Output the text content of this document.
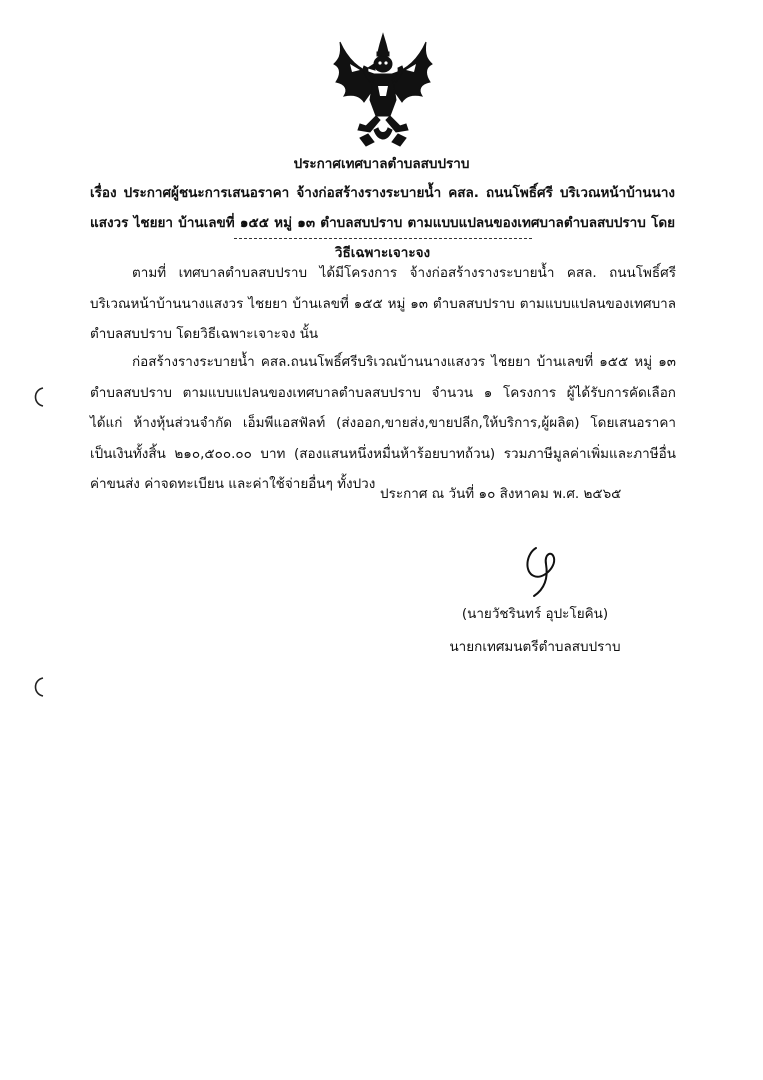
ประกาศเทศบาลตำบลสบปราบ
เรื่อง ประกาศผู้ชนะการเสนอราคา จ้างก่อสร้างรางระบายน้ำ คสล. ถนนโพธิ์ศรี บริเวณหน้าบ้านนางแสงวร ไชยยา บ้านเลขที่ ๑๕๕ หมู่ ๑๓ ตำบลสบปราบ ตามแบบแปลนของเทศบาลตำบลสบปราบ โดยวิธีเฉพาะเจาะจง
ตามที่ เทศบาลตำบลสบปราบ ได้มีโครงการ จ้างก่อสร้างรางระบายน้ำ คสล. ถนนโพธิ์ศรี บริเวณหน้าบ้านนางแสงวร ไชยยา บ้านเลขที่ ๑๕๕ หมู่ ๑๓ ตำบลสบปราบ ตามแบบแปลนของเทศบาลตำบลสบปราบ โดยวิธีเฉพาะเจาะจง นั้น
ก่อสร้างรางระบายน้ำ คสล.ถนนโพธิ์ศรีบริเวณบ้านนางแสงวร ไชยยา บ้านเลขที่ ๑๕๕ หมู่ ๑๓ ตำบลสบปราบ ตามแบบแปลนของเทศบาลตำบลสบปราบ จำนวน ๑ โครงการ ผู้ได้รับการคัดเลือก ได้แก่ ห้างหุ้นส่วนจำกัด เอ็มพีแอสฟัลท์ (ส่งออก,ขายส่ง,ขายปลีก,ให้บริการ,ผู้ผลิต) โดยเสนอราคา เป็นเงินทั้งสิ้น ๒๑๐,๕๐๐.๐๐ บาท (สองแสนหนึ่งหมื่นห้าร้อยบาทถ้วน) รวมภาษีมูลค่าเพิ่มและภาษีอื่น ค่าขนส่ง ค่าจดทะเบียน และค่าใช้จ่ายอื่นๆ ทั้งปวง
ประกาศ ณ วันที่ ๑๐ สิงหาคม พ.ศ. ๒๕๖๕
(นายวัชรินทร์ อุปะโยคิน)
นายกเทศมนตรีตำบลสบปราบ
